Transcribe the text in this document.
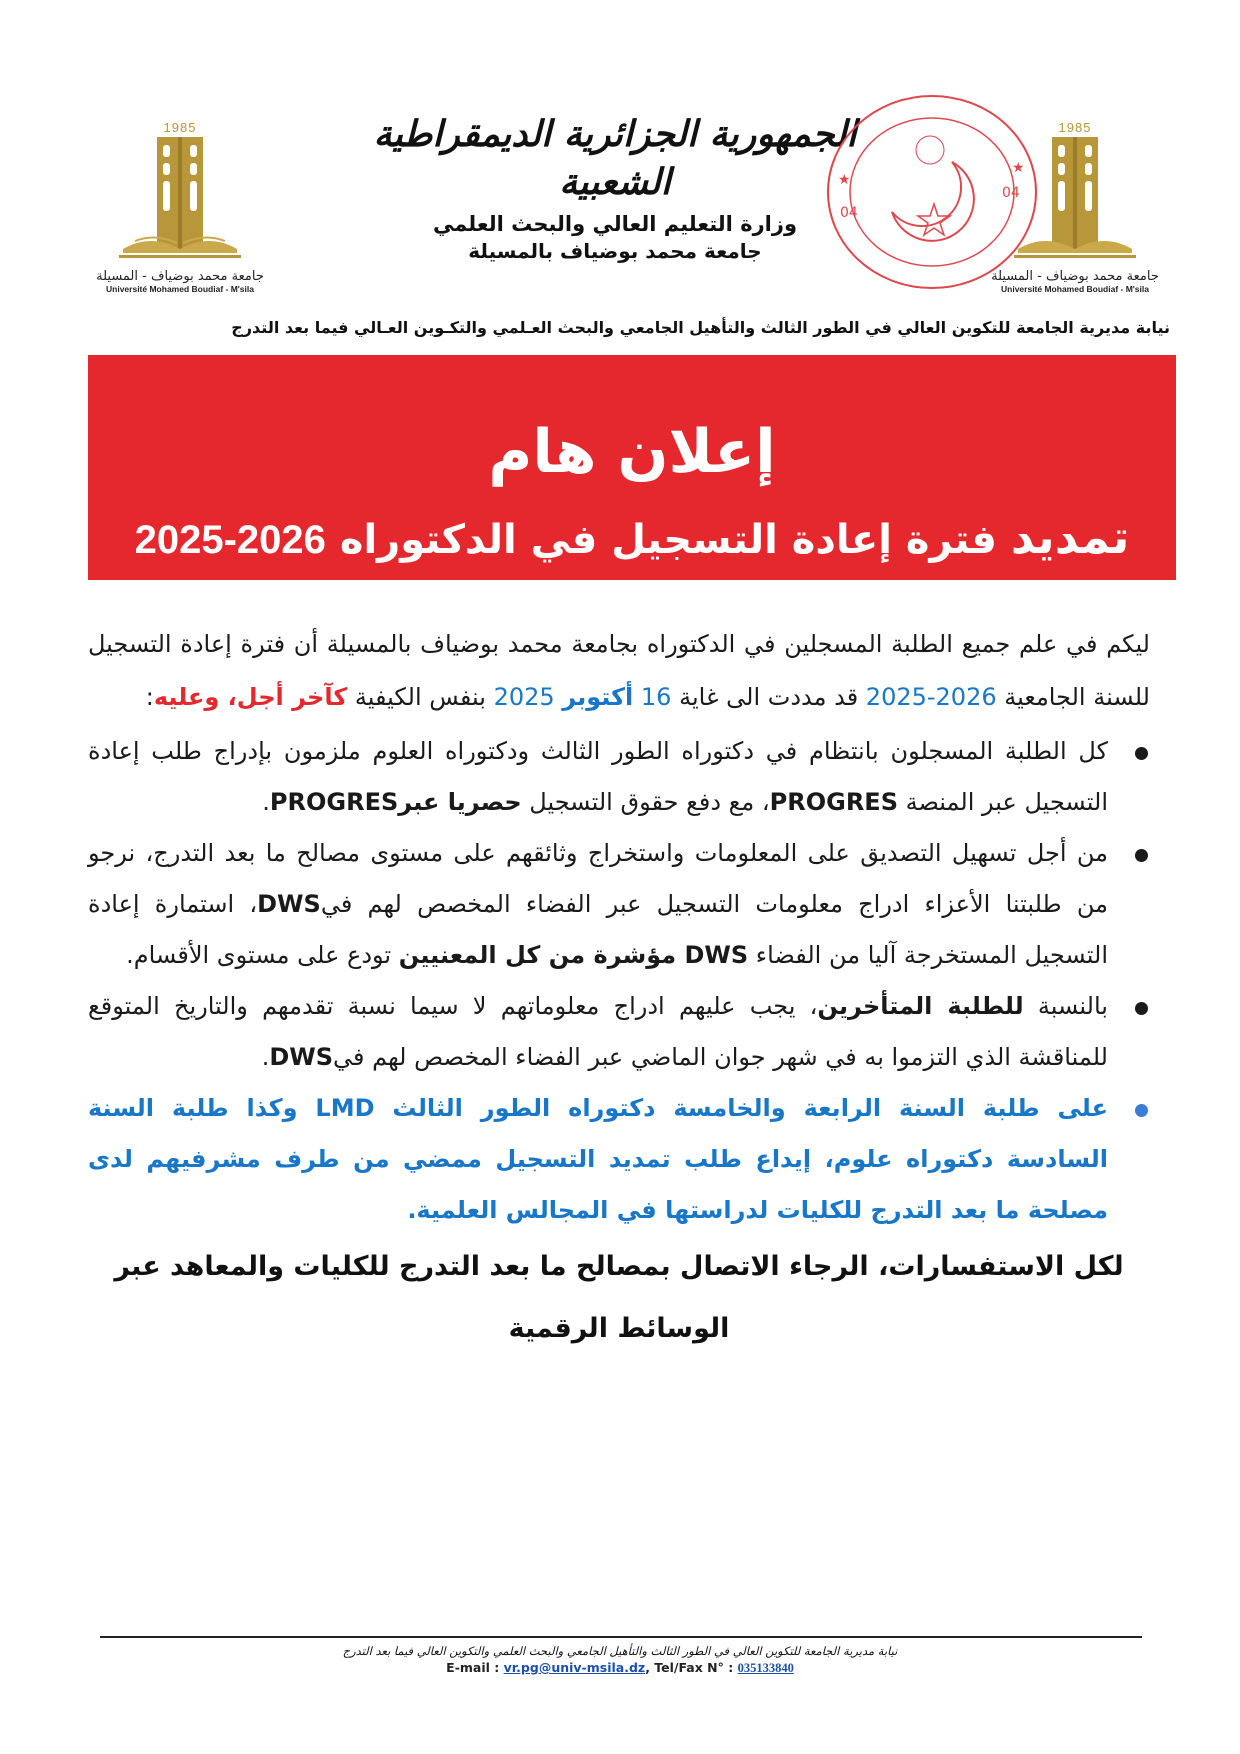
1985
جامعة محمد بوضياف - المسيلة
Université Mohamed Boudiaf - M'sila
الجمهورية الجزائرية الديمقراطية الشعبية
وزارة التعليم العالي والبحث العلمي
جامعة محمد بوضياف بالمسيلة
04
04
★
★
1985
جامعة محمد بوضياف - المسيلة
Université Mohamed Boudiaf - M'sila
نيابة مديرية الجامعة للتكوين العالي في الطور الثالث والتأهيل الجامعي والبحث العـلمي والتكـوين العـالي فيما بعد التدرج
إعلان هام
تمديد فترة إعادة التسجيل في الدكتوراه 2025-2026

ليكم في علم جميع الطلبة المسجلين في الدكتوراه بجامعة محمد بوضياف بالمسيلة أن فترة إعادة التسجيل للسنة الجامعية 2025-2026 قد مددت الى غاية 16 أكتوبر 2025 بنفس الكيفية كآخر أجل، وعليه:

كل الطلبة المسجلون بانتظام في دكتوراه الطور الثالث ودكتوراه العلوم ملزمون بإدراج طلب إعادة التسجيل عبر المنصة PROGRES، مع دفع حقوق التسجيل حصريا عبرPROGRES.
من أجل تسهيل التصديق على المعلومات واستخراج وثائقهم على مستوى مصالح ما بعد التدرج، نرجو من طلبتنا الأعزاء ادراج معلومات التسجيل عبر الفضاء المخصص لهم فيDWS، استمارة إعادة التسجيل المستخرجة آليا من الفضاء DWS مؤشرة من كل المعنيين تودع على مستوى الأقسام.
بالنسبة للطلبة المتأخرين، يجب عليهم ادراج معلوماتهم لا سيما نسبة تقدمهم والتاريخ المتوقع للمناقشة الذي التزموا به في شهر جوان الماضي عبر الفضاء المخصص لهم فيDWS.
على طلبة السنة الرابعة والخامسة دكتوراه الطور الثالث LMD وكذا طلبة السنة السادسة دكتوراه علوم، إيداع طلب تمديد التسجيل ممضي من طرف مشرفيهم لدى مصلحة ما بعد التدرج للكليات لدراستها في المجالس العلمية.
لكل الاستفسارات، الرجاء الاتصال بمصالح ما بعد التدرج للكليات والمعاهد عبر الوسائط الرقمية
نيابة مديرية الجامعة للتكوين العالي في الطور الثالث والتأهيل الجامعي والبحث العلمي والتكوين العالي فيما بعد التدرج
E-mail : vr.pg@univ-msila.dz, Tel/Fax N° : 035133840
